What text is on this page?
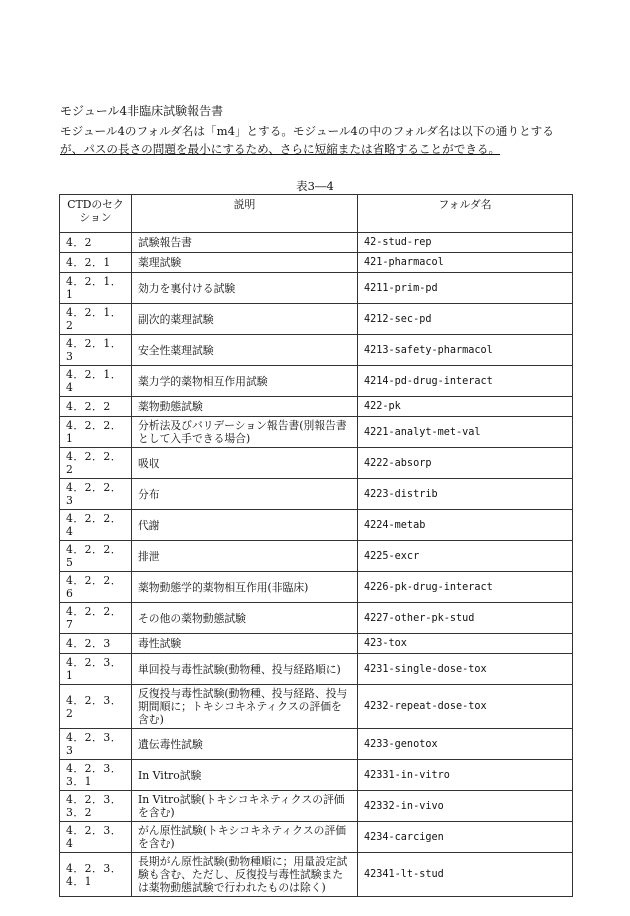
モジュール4非臨床試験報告書
モジュール4のフォルダ名は「m4」とする。モジュール4の中のフォルダ名は以下の通りとする
が、パスの長さの問題を最小にするため、さらに短縮または省略することができる。
表3―4
CTDのセクション	説明	フォルダ名
4．2	試験報告書	42-stud-rep
4．2．1	薬理試験	421-pharmacol
4．2．1．1	効力を裏付ける試験	4211-prim-pd
4．2．1．2	副次的薬理試験	4212-sec-pd
4．2．1．3	安全性薬理試験	4213-safety-pharmacol
4．2．1．4	薬力学的薬物相互作用試験	4214-pd-drug-interact
4．2．2	薬物動態試験	422-pk
4．2．2．1	分析法及びバリデーション報告書(別報告書として入手できる場合)	4221-analyt-met-val
4．2．2．2	吸収	4222-absorp
4．2．2．3	分布	4223-distrib
4．2．2．4	代謝	4224-metab
4．2．2．5	排泄	4225-excr
4．2．2．6	薬物動態学的薬物相互作用(非臨床)	4226-pk-drug-interact
4．2．2．7	その他の薬物動態試験	4227-other-pk-stud
4．2．3	毒性試験	423-tox
4．2．3．1	単回投与毒性試験(動物種、投与経路順に)	4231-single-dose-tox
4．2．3．2	反復投与毒性試験(動物種、投与経路、投与期間順に；トキシコキネティクスの評価を含む)	4232-repeat-dose-tox
4．2．3．3	遺伝毒性試験	4233-genotox
4．2．3．3．1	In Vitro試験	42331-in-vitro
4．2．3．3．2	In Vitro試験(トキシコキネティクスの評価を含む)	42332-in-vivo
4．2．3．4	がん原性試験(トキシコキネティクスの評価を含む)	4234-carcigen
4．2．3．4．1	長期がん原性試験(動物種順に；用量設定試験も含む、ただし、反復投与毒性試験または薬物動態試験で行われたものは除く)	42341-lt-stud
